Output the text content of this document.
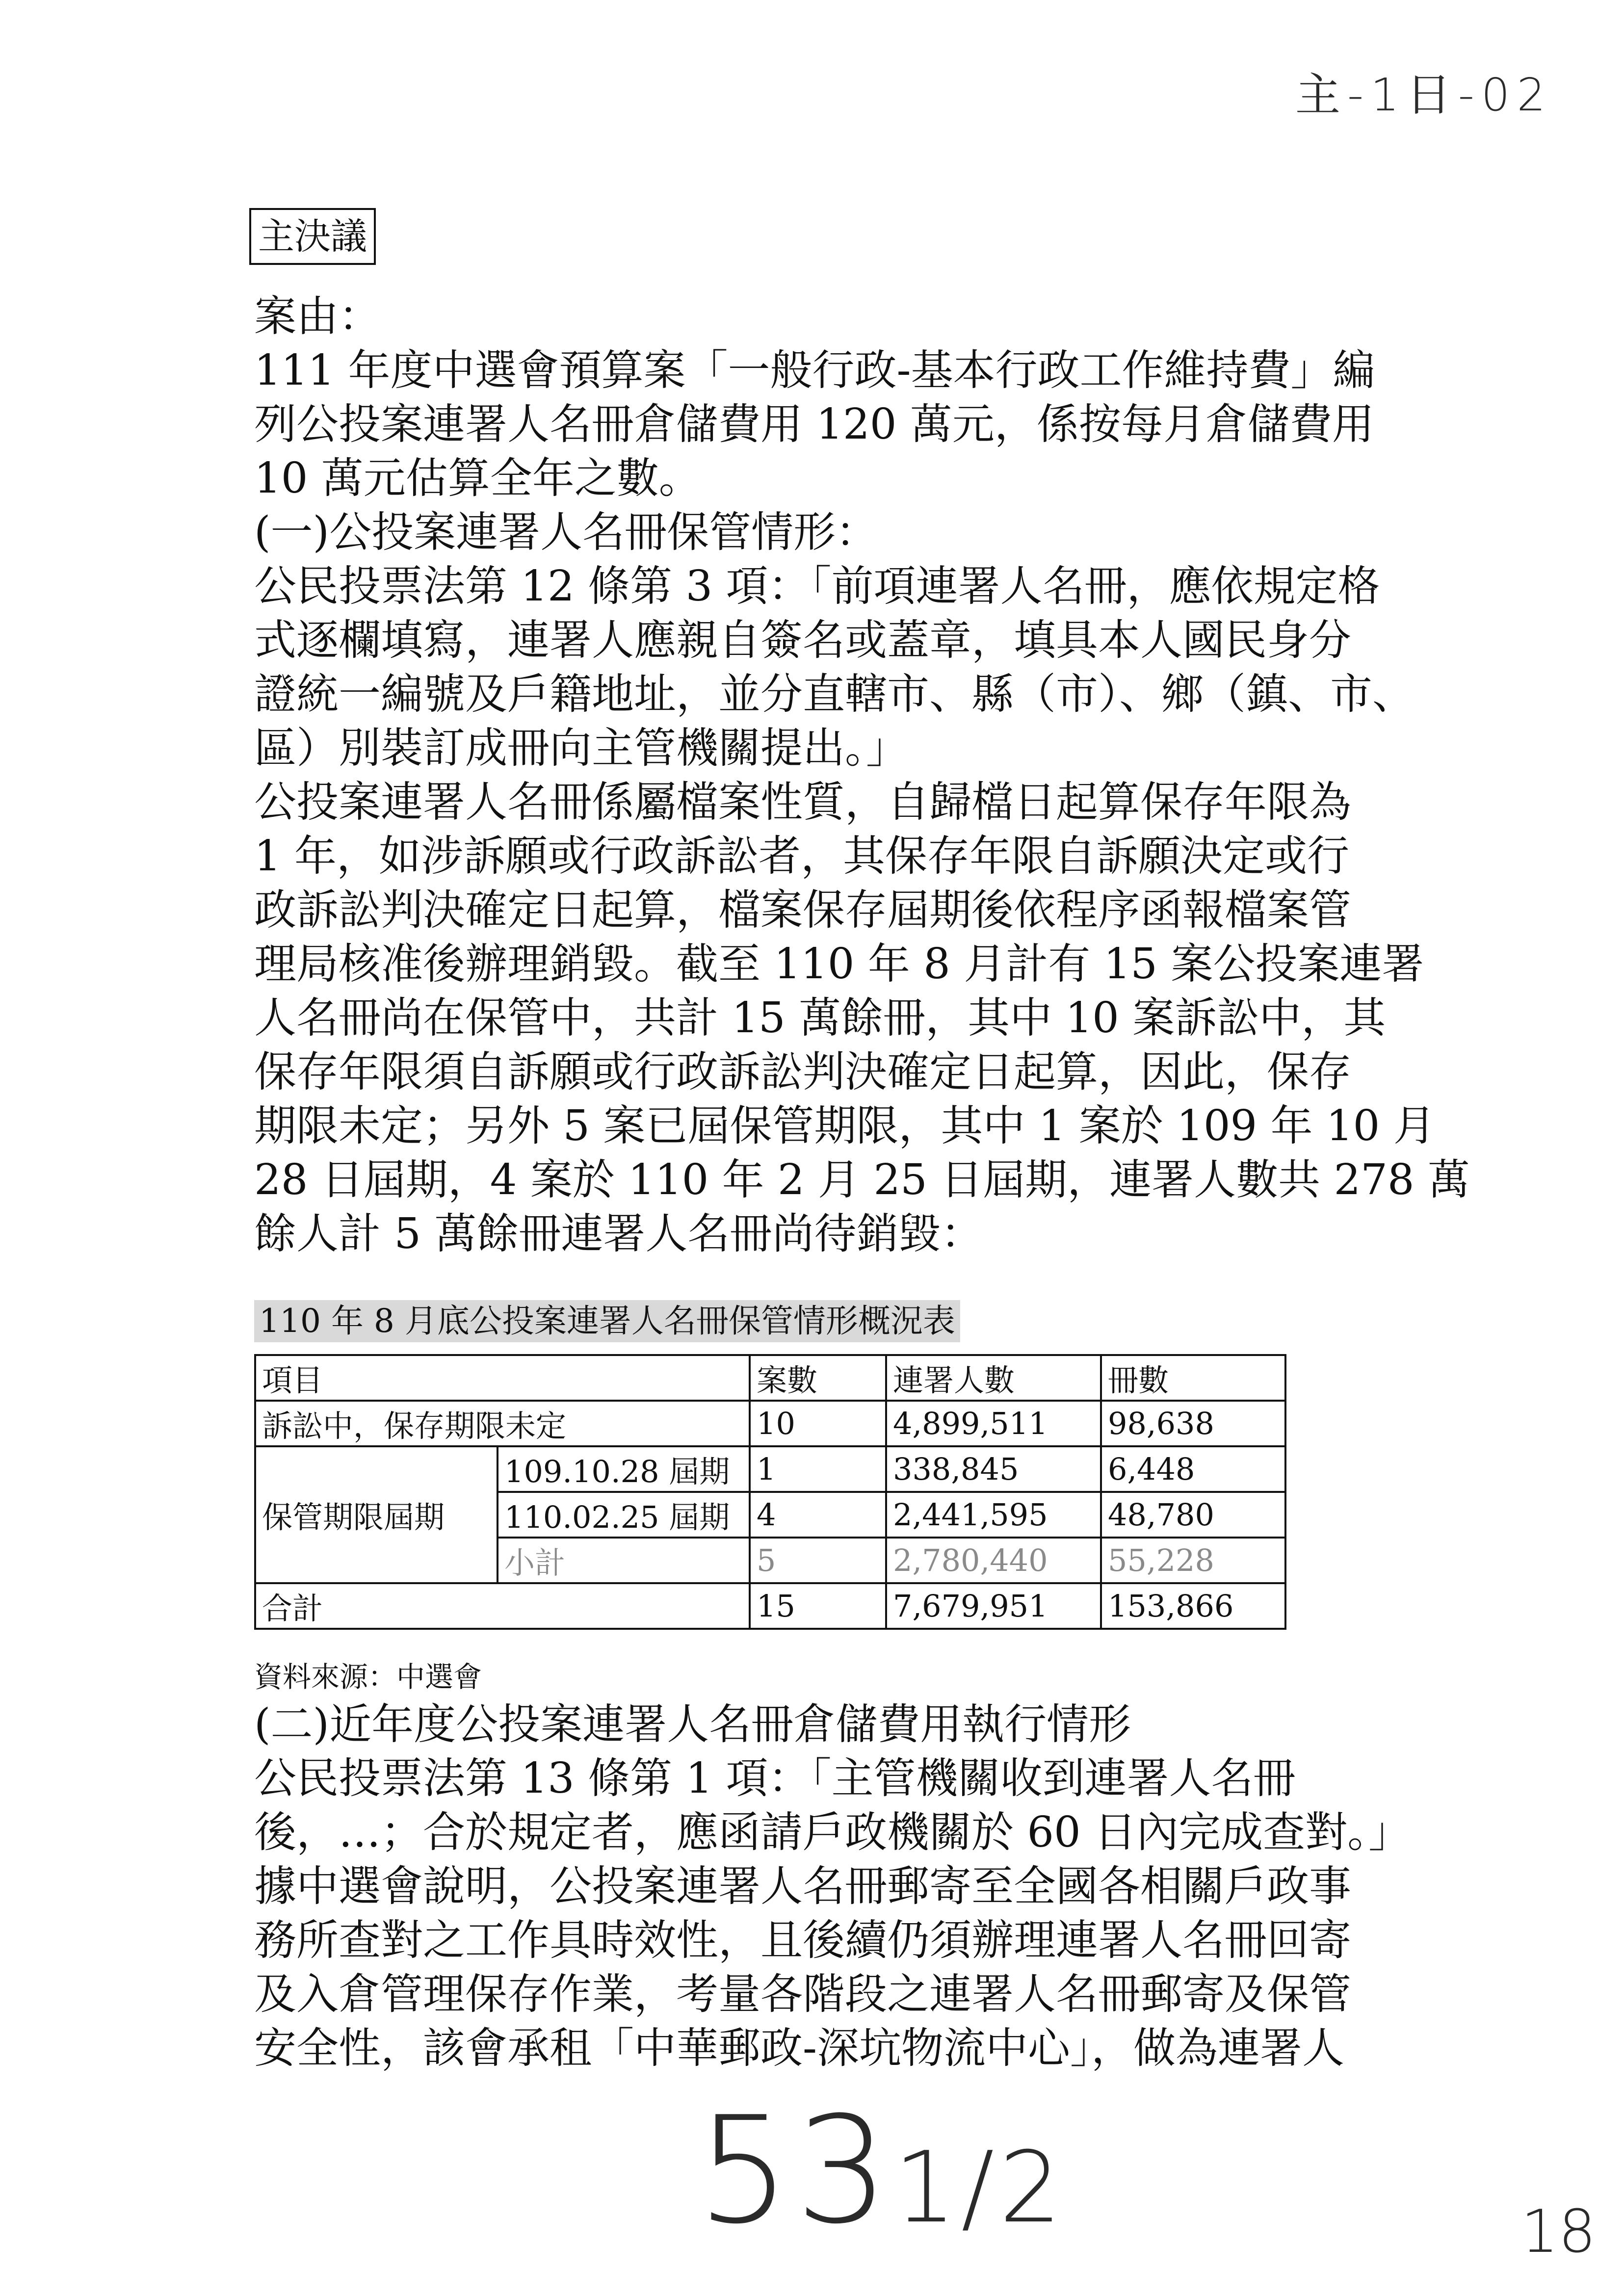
主-1日-02
主決議
案由：
111 年度中選會預算案「一般行政-基本行政工作維持費」編
列公投案連署人名冊倉儲費用 120 萬元，係按每月倉儲費用
10 萬元估算全年之數。
(一)公投案連署人名冊保管情形：
公民投票法第 12 條第 3 項：「前項連署人名冊，應依規定格
式逐欄填寫，連署人應親自簽名或蓋章，填具本人國民身分
證統一編號及戶籍地址，並分直轄市、縣（市）、鄉（鎮、市、
區）別裝訂成冊向主管機關提出。」
公投案連署人名冊係屬檔案性質，自歸檔日起算保存年限為
1 年，如涉訴願或行政訴訟者，其保存年限自訴願決定或行
政訴訟判決確定日起算，檔案保存屆期後依程序函報檔案管
理局核准後辦理銷毀。截至 110 年 8 月計有 15 案公投案連署
人名冊尚在保管中，共計 15 萬餘冊，其中 10 案訴訟中，其
保存年限須自訴願或行政訴訟判決確定日起算，因此，保存
期限未定；另外 5 案已屆保管期限，其中 1 案於 109 年 10 月
28 日屆期，4 案於 110 年 2 月 25 日屆期，連署人數共 278 萬
餘人計 5 萬餘冊連署人名冊尚待銷毀：
110 年 8 月底公投案連署人名冊保管情形概況表
項目		案數	連署人數	冊數
訴訟中，保存期限未定		10	4,899,511	98,638
保管期限屆期	109.10.28 屆期	1	338,845	6,448
	110.02.25 屆期	4	2,441,595	48,780
	小計	5	2,780,440	55,228
合計		15	7,679,951	153,866
資料來源：中選會
(二)近年度公投案連署人名冊倉儲費用執行情形
公民投票法第 13 條第 1 項：「主管機關收到連署人名冊
後，…；合於規定者，應函請戶政機關於 60 日內完成查對。」
據中選會說明，公投案連署人名冊郵寄至全國各相關戶政事
務所查對之工作具時效性，且後續仍須辦理連署人名冊回寄
及入倉管理保存作業，考量各階段之連署人名冊郵寄及保管
安全性，該會承租「中華郵政-深坑物流中心」，做為連署人
531/2	18
